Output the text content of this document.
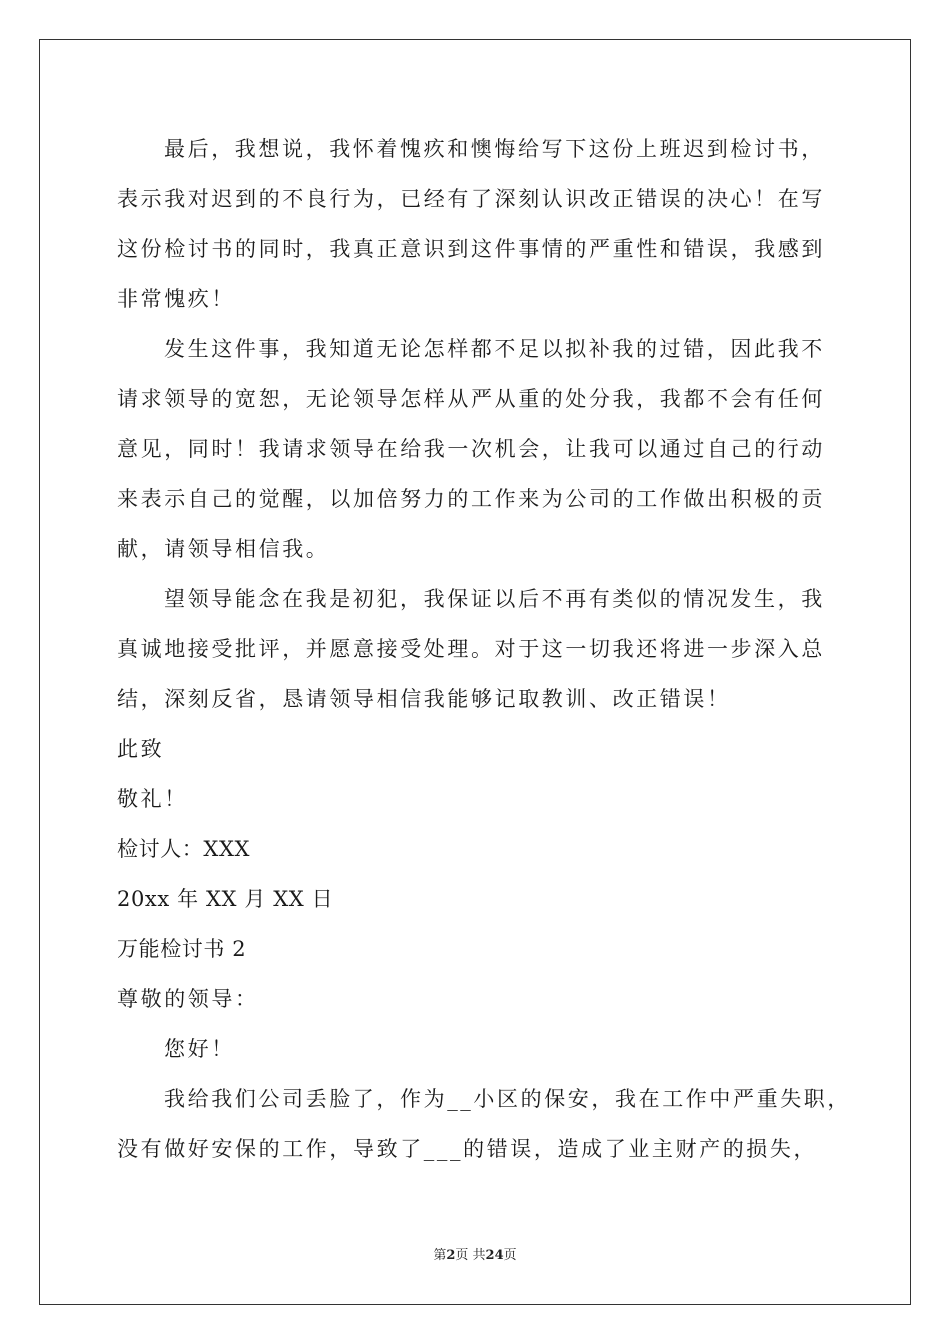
最后，我想说，我怀着愧疚和懊悔给写下这份上班迟到检讨书，
表示我对迟到的不良行为，已经有了深刻认识改正错误的决心！在写
这份检讨书的同时，我真正意识到这件事情的严重性和错误，我感到
非常愧疚！
发生这件事，我知道无论怎样都不足以拟补我的过错，因此我不
请求领导的宽恕，无论领导怎样从严从重的处分我，我都不会有任何
意见，同时！我请求领导在给我一次机会，让我可以通过自己的行动
来表示自己的觉醒，以加倍努力的工作来为公司的工作做出积极的贡
献，请领导相信我。
望领导能念在我是初犯，我保证以后不再有类似的情况发生，我
真诚地接受批评，并愿意接受处理。对于这一切我还将进一步深入总
结，深刻反省，恳请领导相信我能够记取教训、改正错误！
此致
敬礼！
检讨人：XXX
20xx 年 XX 月 XX 日
万能检讨书 2
尊敬的领导：
您好！
我给我们公司丢脸了，作为__小区的保安，我在工作中严重失职，
没有做好安保的工作，导致了___的错误，造成了业主财产的损失，
第2页 共24页
